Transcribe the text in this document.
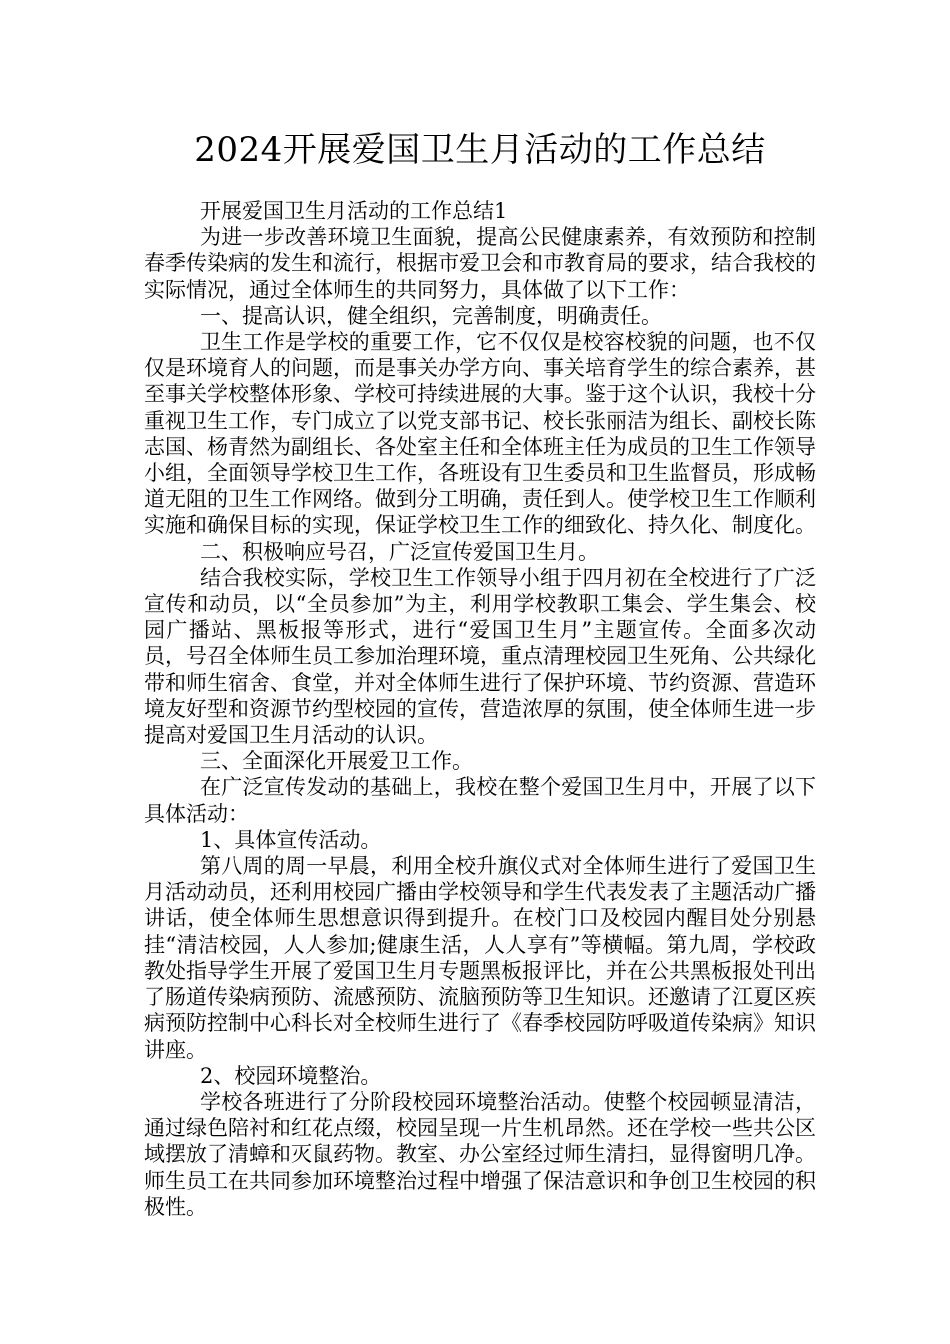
2024开展爱国卫生月活动的工作总结

开展爱国卫生月活动的工作总结1

为进一步改善环境卫生面貌，提高公民健康素养，有效预防和控制春季传染病的发生和流行，根据市爱卫会和市教育局的要求，结合我校的实际情况，通过全体师生的共同努力，具体做了以下工作：

一、提高认识，健全组织，完善制度，明确责任。

卫生工作是学校的重要工作，它不仅仅是校容校貌的问题，也不仅仅是环境育人的问题，而是事关办学方向、事关培育学生的综合素养，甚至事关学校整体形象、学校可持续进展的大事。鉴于这个认识，我校十分重视卫生工作，专门成立了以党支部书记、校长张丽洁为组长、副校长陈志国、杨青然为副组长、各处室主任和全体班主任为成员的卫生工作领导小组，全面领导学校卫生工作，各班设有卫生委员和卫生监督员，形成畅道无阻的卫生工作网络。做到分工明确，责任到人。使学校卫生工作顺利实施和确保目标的实现，保证学校卫生工作的细致化、持久化、制度化。

二、积极响应号召，广泛宣传爱国卫生月。

结合我校实际，学校卫生工作领导小组于四月初在全校进行了广泛宣传和动员，以“全员参加”为主，利用学校教职工集会、学生集会、校园广播站、黑板报等形式，进行“爱国卫生月”主题宣传。全面多次动员，号召全体师生员工参加治理环境，重点清理校园卫生死角、公共绿化带和师生宿舍、食堂，并对全体师生进行了保护环境、节约资源、营造环境友好型和资源节约型校园的宣传，营造浓厚的氛围，使全体师生进一步提高对爱国卫生月活动的认识。

三、全面深化开展爱卫工作。

在广泛宣传发动的基础上，我校在整个爱国卫生月中，开展了以下具体活动：

1、具体宣传活动。

第八周的周一早晨，利用全校升旗仪式对全体师生进行了爱国卫生月活动动员，还利用校园广播由学校领导和学生代表发表了主题活动广播讲话，使全体师生思想意识得到提升。在校门口及校园内醒目处分别悬挂“清洁校园，人人参加;健康生活，人人享有”等横幅。第九周，学校政教处指导学生开展了爱国卫生月专题黑板报评比，并在公共黑板报处刊出了肠道传染病预防、流感预防、流脑预防等卫生知识。还邀请了江夏区疾病预防控制中心科长对全校师生进行了《春季校园防呼吸道传染病》知识讲座。

2、校园环境整治。

学校各班进行了分阶段校园环境整治活动。使整个校园顿显清洁，通过绿色陪衬和红花点缀，校园呈现一片生机昂然。还在学校一些共公区域摆放了清蟑和灭鼠药物。教室、办公室经过师生清扫，显得窗明几净。师生员工在共同参加环境整治过程中增强了保洁意识和争创卫生校园的积极性。
